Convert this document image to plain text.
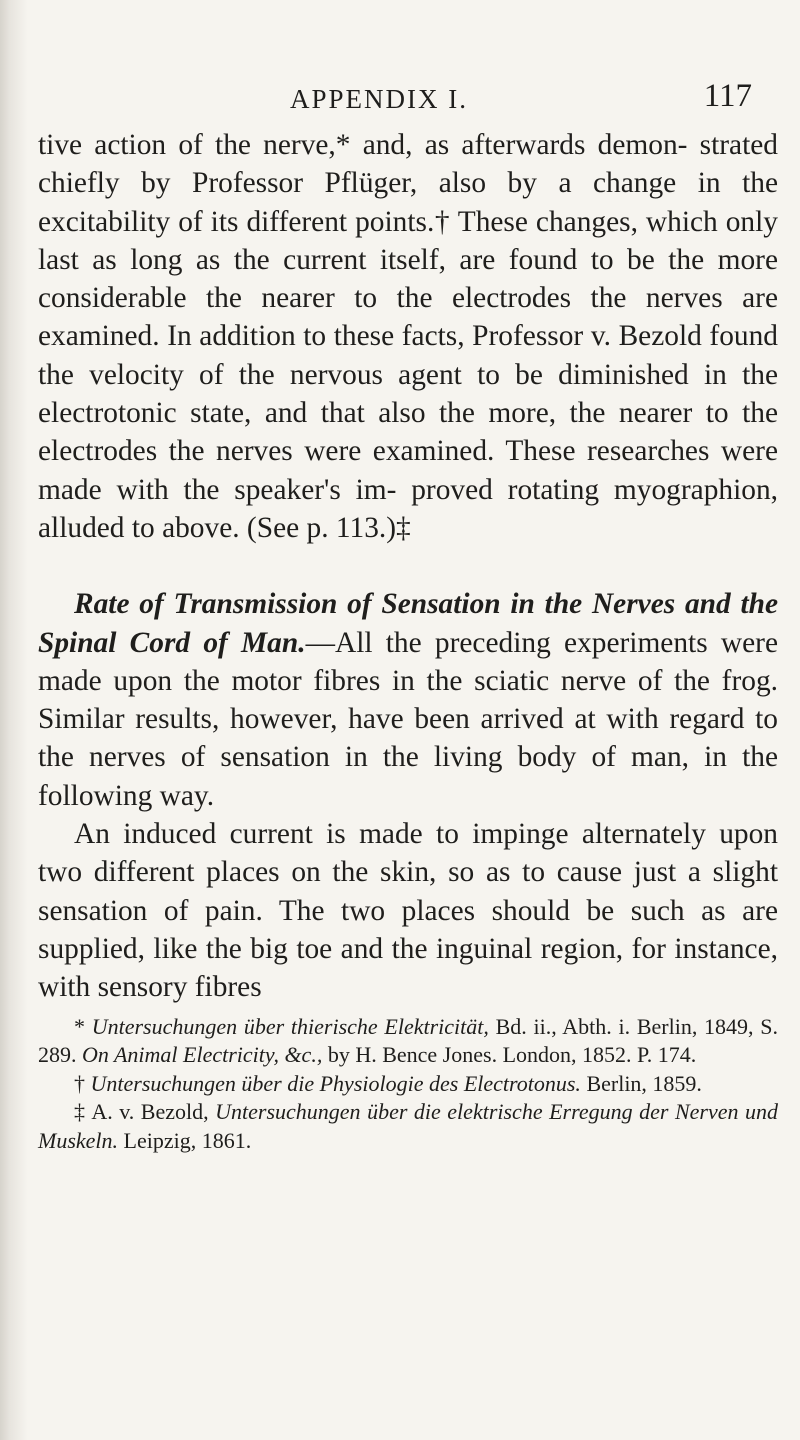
APPENDIX I.	117

tive action of the nerve,* and, as afterwards demon- strated chiefly by Professor Pflüger, also by a change in the excitability of its different points.† These changes, which only last as long as the current itself, are found to be the more considerable the nearer to the electrodes the nerves are examined. In addition to these facts, Professor v. Bezold found the velocity of the nervous agent to be diminished in the electrotonic state, and that also the more, the nearer to the electrodes the nerves were examined. These researches were made with the speaker's im- proved rotating myographion, alluded to above. (See p. 113.)‡

Rate of Transmission of Sensation in the Nerves and the Spinal Cord of Man.—All the preceding experiments were made upon the motor fibres in the sciatic nerve of the frog. Similar results, however, have been arrived at with regard to the nerves of sensation in the living body of man, in the following way.

An induced current is made to impinge alternately upon two different places on the skin, so as to cause just a slight sensation of pain. The two places should be such as are supplied, like the big toe and the inguinal region, for instance, with sensory fibres

* Untersuchungen über thierische Elektricität, Bd. ii., Abth. i. Berlin, 1849, S. 289. On Animal Electricity, &c., by H. Bence Jones. London, 1852. P. 174.

† Untersuchungen über die Physiologie des Electrotonus. Berlin, 1859.

‡ A. v. Bezold, Untersuchungen über die elektrische Erregung der Nerven und Muskeln. Leipzig, 1861.
